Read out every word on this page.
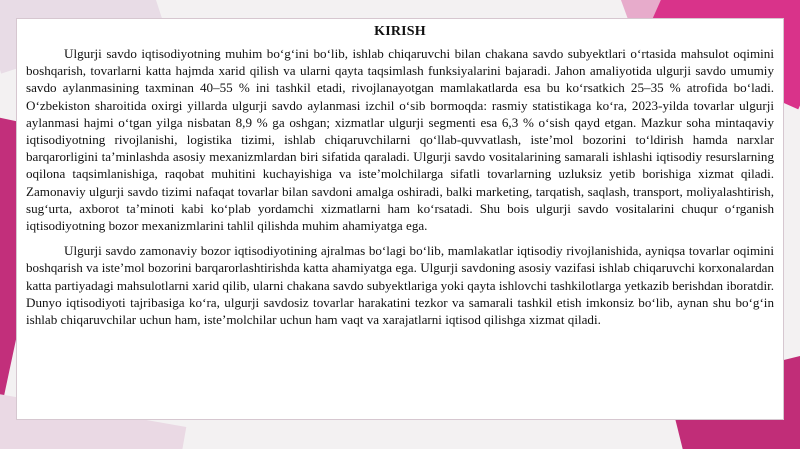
KIRISH

Ulgurji savdo iqtisodiyotning muhim bo‘g‘ini bo‘lib, ishlab chiqaruvchi bilan chakana savdo subyektlari o‘rtasida mahsulot oqimini boshqarish, tovarlarni katta hajmda xarid qilish va ularni qayta taqsimlash funksiyalarini bajaradi. Jahon amaliyotida ulgurji savdo umumiy savdo aylanmasining taxminan 40–55 % ini tashkil etadi, rivojlanayotgan mamlakatlarda esa bu ko‘rsatkich 25–35 % atrofida bo‘ladi. O‘zbekiston sharoitida oxirgi yillarda ulgurji savdo aylanmasi izchil o‘sib bormoqda: rasmiy statistikaga ko‘ra, 2023-yilda tovarlar ulgurji aylanmasi hajmi o‘tgan yilga nisbatan 8,9 % ga oshgan; xizmatlar ulgurji segmenti esa 6,3 % o‘sish qayd etgan. Mazkur soha mintaqaviy iqtisodiyotning rivojlanishi, logistika tizimi, ishlab chiqaruvchilarni qo‘llab-quvvatlash, iste’mol bozorini to‘ldirish hamda narxlar barqarorligini ta’minlashda asosiy mexanizmlardan biri sifatida qaraladi. Ulgurji savdo vositalarining samarali ishlashi iqtisodiy resurslarning oqilona taqsimlanishiga, raqobat muhitini kuchayishiga va iste’molchilarga sifatli tovarlarning uzluksiz yetib borishiga xizmat qiladi. Zamonaviy ulgurji savdo tizimi nafaqat tovarlar bilan savdoni amalga oshiradi, balki marketing, tarqatish, saqlash, transport, moliyalashtirish, sug‘urta, axborot ta’minoti kabi ko‘plab yordamchi xizmatlarni ham ko‘rsatadi. Shu bois ulgurji savdo vositalarini chuqur o‘rganish iqtisodiyotning bozor mexanizmlarini tahlil qilishda muhim ahamiyatga ega.

Ulgurji savdo zamonaviy bozor iqtisodiyotining ajralmas bo‘lagi bo‘lib, mamlakatlar iqtisodiy rivojlanishida, ayniqsa tovarlar oqimini boshqarish va iste’mol bozorini barqarorlashtirishda katta ahamiyatga ega. Ulgurji savdoning asosiy vazifasi ishlab chiqaruvchi korxonalardan katta partiyadagi mahsulotlarni xarid qilib, ularni chakana savdo subyektlariga yoki qayta ishlovchi tashkilotlarga yetkazib berishdan iboratdir. Dunyo iqtisodiyoti tajribasiga ko‘ra, ulgurji savdosiz tovarlar harakatini tezkor va samarali tashkil etish imkonsiz bo‘lib, aynan shu bo‘g‘in ishlab chiqaruvchilar uchun ham, iste’molchilar uchun ham vaqt va xarajatlarni iqtisod qilishga xizmat qiladi.
